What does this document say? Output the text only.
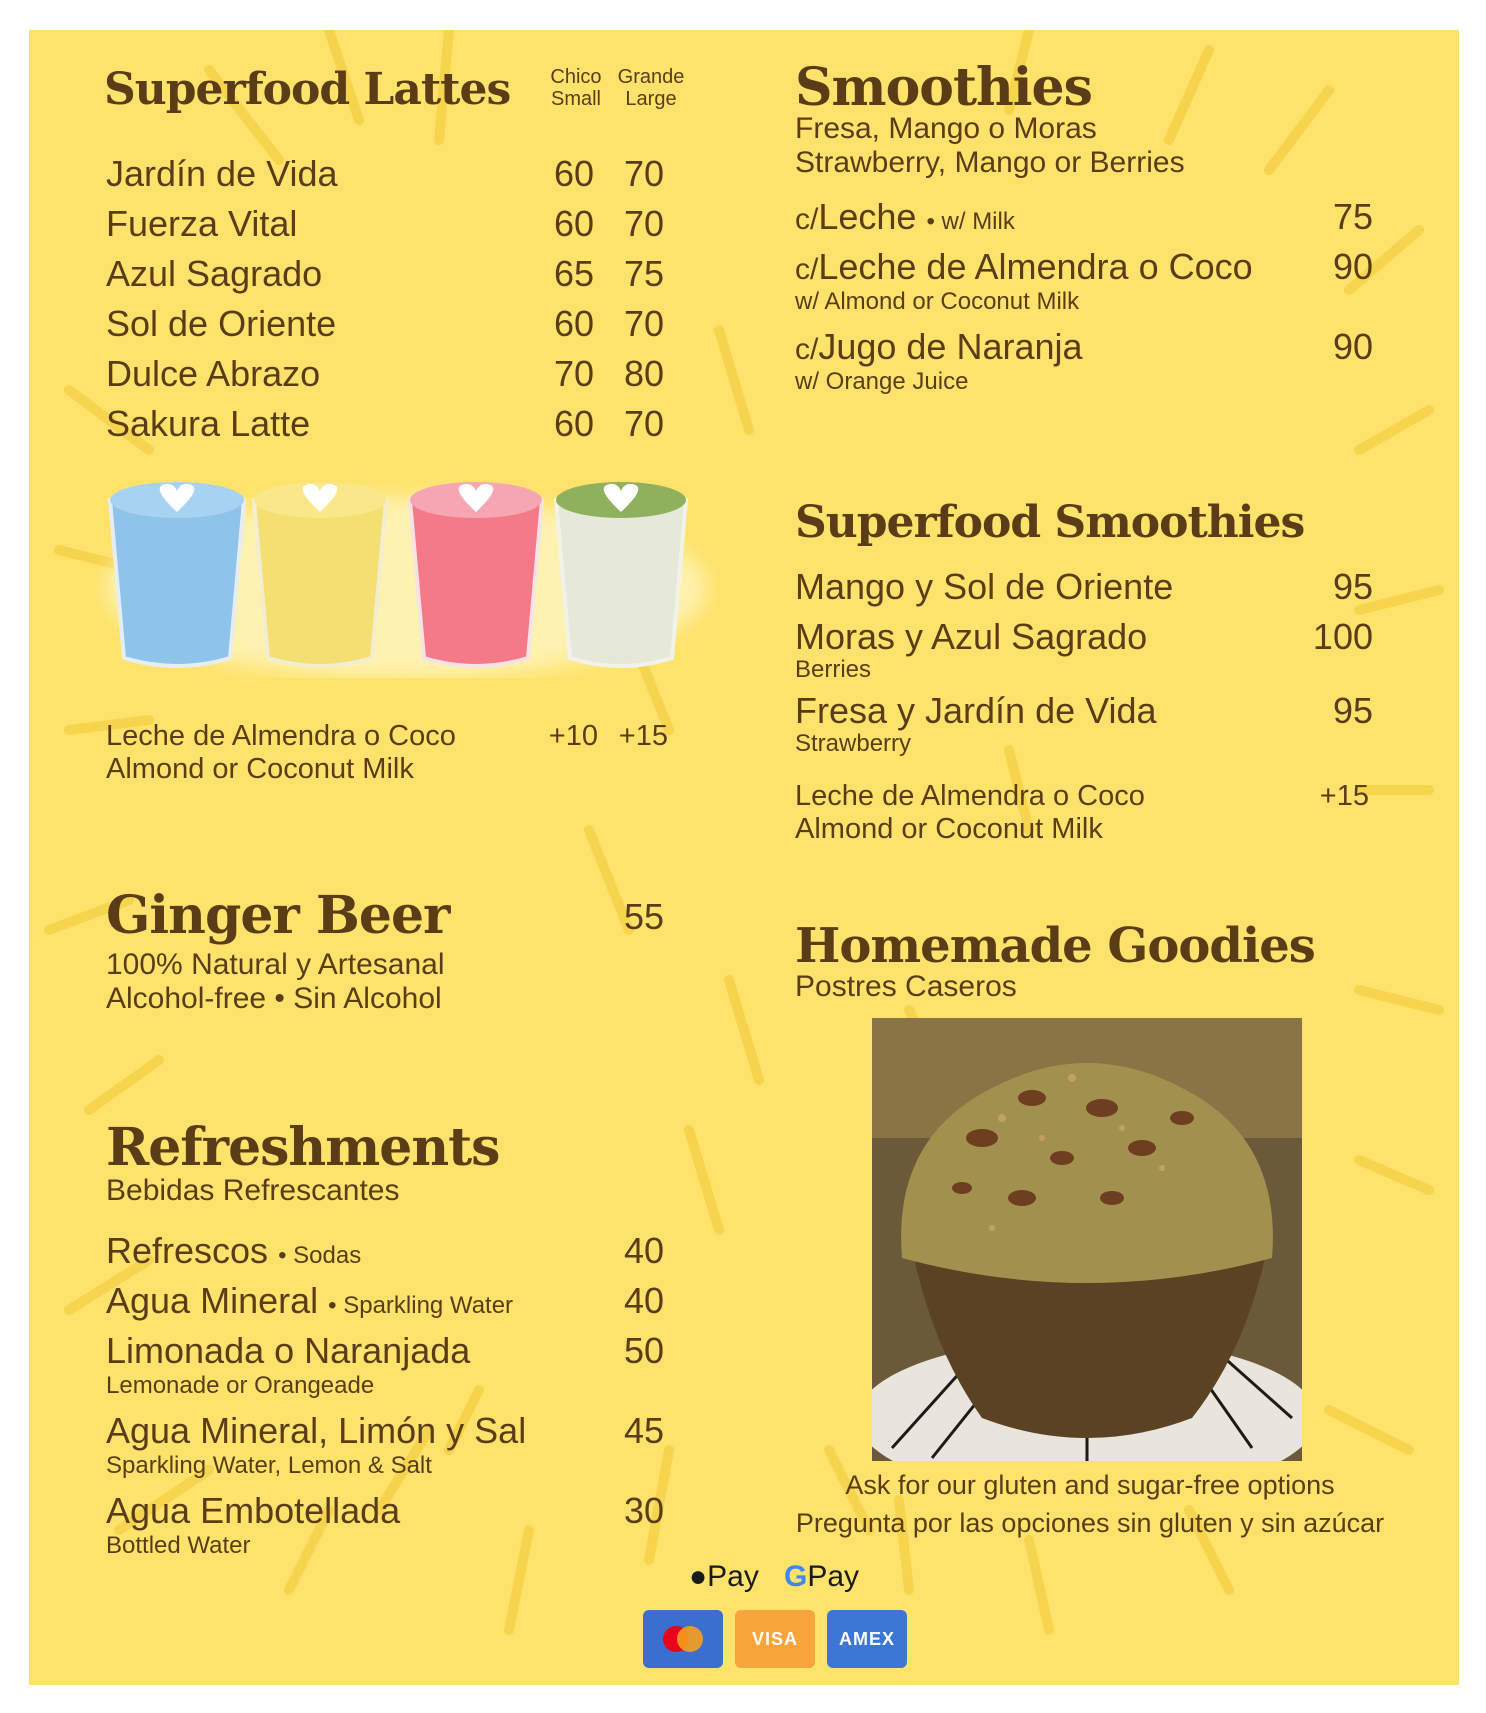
Superfood Lattes Chico
Small
Grande
Large
Jardín de Vida	60 70
Fuerza Vital	60 70
Azul Sagrado	65 75
Sol de Oriente	60 70
Dulce Abrazo	70 80
Sakura Latte	60 70
Leche de Almendra o Coco
Almond or Coconut Milk
+10 +15
Ginger Beer	55
100% Natural y Artesanal
Alcohol-free • Sin Alcohol
Refreshments
Bebidas Refrescantes
Refrescos • Sodas	40
Agua Mineral • Sparkling Water	40
Limonada o Naranjada	50
Lemonade or Orangeade
Agua Mineral, Limón y Sal	45
Sparkling Water, Lemon & Salt
Agua Embotellada	30
Bottled Water
Smoothies
Fresa, Mango o Moras
Strawberry, Mango or Berries
c/Leche • w/ Milk	75
c/Leche de Almendra o Coco	90
w/ Almond or Coconut Milk
c/Jugo de Naranja	90
w/ Orange Juice
Superfood Smoothies
Mango y Sol de Oriente	95
Moras y Azul Sagrado	100
Berries
Fresa y Jardín de Vida	95
Strawberry
Leche de Almendra o Coco
Almond or Coconut Milk
+15
Homemade Goodies
Postres Caseros
Ask for our gluten and sugar-free options
Pregunta por las opciones sin gluten y sin azúcar
●Pay GPay
VISA	AMEX
